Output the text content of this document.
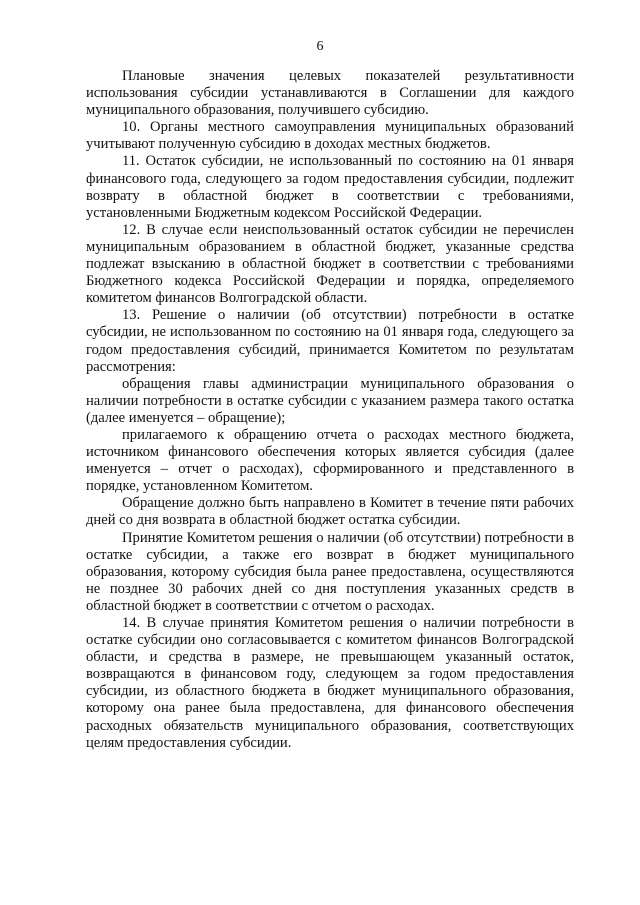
6

Плановые значения целевых показателей результативности использования субсидии устанавливаются в Соглашении для каждого муниципального образования, получившего субсидию.

10. Органы местного самоуправления муниципальных образований учитывают полученную субсидию в доходах местных бюджетов.

11. Остаток субсидии, не использованный по состоянию на 01 января финансового года, следующего за годом предоставления субсидии, подлежит возврату в областной бюджет в соответствии с требованиями, установленными Бюджетным кодексом Российской Федерации.

12. В случае если неиспользованный остаток субсидии не перечислен муниципальным образованием в областной бюджет, указанные средства подлежат взысканию в областной бюджет в соответствии с требованиями Бюджетного кодекса Российской Федерации и порядка, определяемого комитетом финансов Волгоградской области.

13. Решение о наличии (об отсутствии) потребности в остатке субсидии, не использованном по состоянию на 01 января года, следующего за годом предоставления субсидий, принимается Комитетом по результатам рассмотрения:

обращения главы администрации муниципального образования о наличии потребности в остатке субсидии с указанием размера такого остатка (далее именуется – обращение);

прилагаемого к обращению отчета о расходах местного бюджета, источником финансового обеспечения которых является субсидия (далее именуется – отчет о расходах), сформированного и представленного в порядке, установленном Комитетом.

Обращение должно быть направлено в Комитет в течение пяти рабочих дней со дня возврата в областной бюджет остатка субсидии.

Принятие Комитетом решения о наличии (об отсутствии) потребности в остатке субсидии, а также его возврат в бюджет муниципального образования, которому субсидия была ранее предоставлена, осуществляются не позднее 30 рабочих дней со дня поступления указанных средств в областной бюджет в соответствии с отчетом о расходах.

14. В случае принятия Комитетом решения о наличии потребности в остатке субсидии оно согласовывается с комитетом финансов Волгоградской области, и средства в размере, не превышающем указанный остаток, возвращаются в финансовом году, следующем за годом предоставления субсидии, из областного бюджета в бюджет муниципального образования, которому она ранее была предоставлена, для финансового обеспечения расходных обязательств муниципального образования, соответствующих целям предоставления субсидии.
